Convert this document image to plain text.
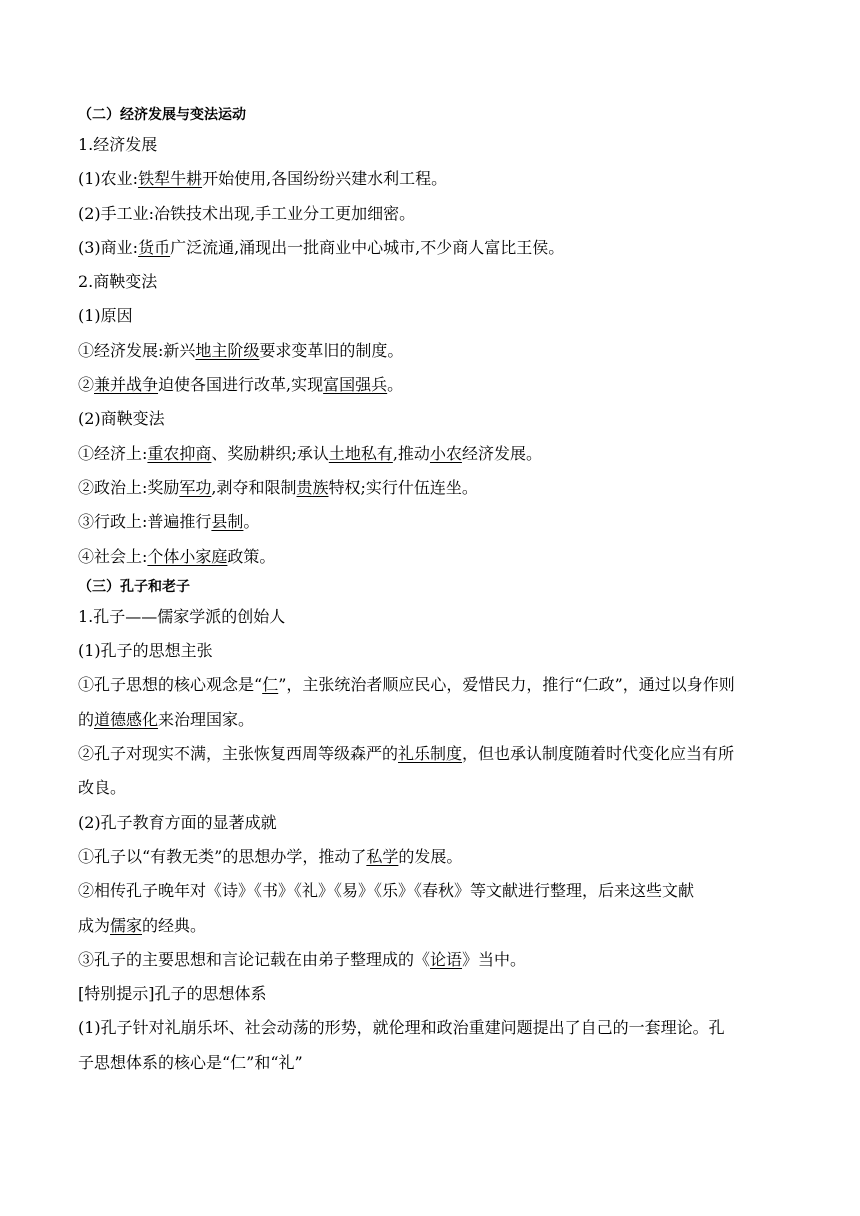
（二）经济发展与变法运动
1.经济发展
(1)农业:铁犁牛耕开始使用,各国纷纷兴建水利工程。
(2)手工业:冶铁技术出现,手工业分工更加细密。
(3)商业:货币广泛流通,涌现出一批商业中心城市,不少商人富比王侯。
2.商鞅变法
(1)原因
①经济发展:新兴地主阶级要求变革旧的制度。
②兼并战争迫使各国进行改革,实现富国强兵。
(2)商鞅变法
①经济上:重农抑商、奖励耕织;承认土地私有,推动小农经济发展。
②政治上:奖励军功,剥夺和限制贵族特权;实行什伍连坐。
③行政上:普遍推行县制。
④社会上:个体小家庭政策。
（三）孔子和老子
1.孔子——儒家学派的创始人
(1)孔子的思想主张
①孔子思想的核心观念是“仁”，主张统治者顺应民心，爱惜民力，推行“仁政”，通过以身作则
的道德感化来治理国家。
②孔子对现实不满，主张恢复西周等级森严的礼乐制度，但也承认制度随着时代变化应当有所
改良。
(2)孔子教育方面的显著成就
①孔子以“有教无类”的思想办学，推动了私学的发展。
②相传孔子晚年对《诗》《书》《礼》《易》《乐》《春秋》等文献进行整理，后来这些文献
成为儒家的经典。
③孔子的主要思想和言论记载在由弟子整理成的《论语》当中。
[特别提示]孔子的思想体系
(1)孔子针对礼崩乐坏、社会动荡的形势，就伦理和政治重建问题提出了自己的一套理论。孔
子思想体系的核心是“仁”和“礼”
